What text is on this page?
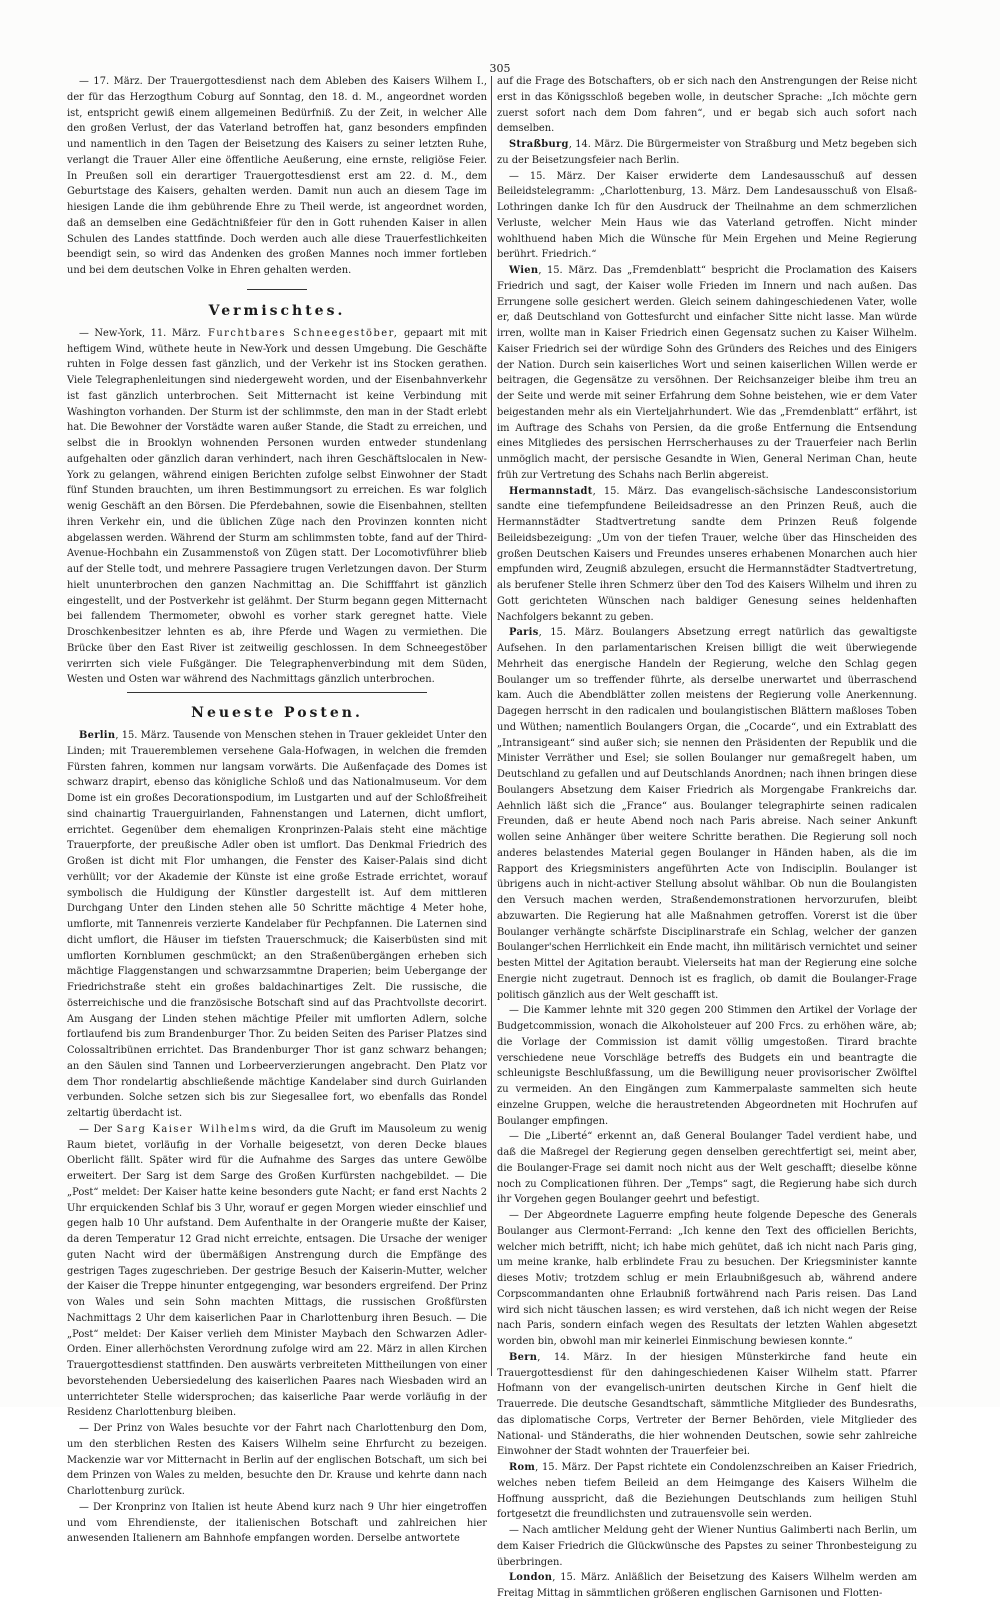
305

— 17. März. Der Trauergottesdienst nach dem Ableben des Kaisers Wilhem I., der für das Herzogthum Coburg auf Sonntag, den 18. d. M., angeordnet worden ist, entspricht gewiß einem allgemeinen Bedürfniß. Zu der Zeit, in welcher Alle den großen Verlust, der das Vaterland betroffen hat, ganz besonders empfinden und namentlich in den Tagen der Beisetzung des Kaisers zu seiner letzten Ruhe, verlangt die Trauer Aller eine öffentliche Aeußerung, eine ernste, religiöse Feier. In Preußen soll ein derartiger Trauergottesdienst erst am 22. d. M., dem Geburtstage des Kaisers, gehalten werden. Damit nun auch an diesem Tage im hiesigen Lande die ihm gebührende Ehre zu Theil werde, ist angeordnet worden, daß an demselben eine Gedächtnißfeier für den in Gott ruhenden Kaiser in allen Schulen des Landes stattfinde. Doch werden auch alle diese Trauerfestlichkeiten beendigt sein, so wird das Andenken des großen Mannes noch immer fortleben und bei dem deutschen Volke in Ehren gehalten werden.

Vermischtes.

— New-York, 11. März. Furchtbares Schneegestöber, gepaart mit mit heftigem Wind, wüthete heute in New-York und dessen Umgebung. Die Geschäfte ruhten in Folge dessen fast gänzlich, und der Verkehr ist ins Stocken gerathen. Viele Telegraphenleitungen sind niedergeweht worden, und der Eisenbahnverkehr ist fast gänzlich unterbrochen. Seit Mitternacht ist keine Verbindung mit Washington vorhanden. Der Sturm ist der schlimmste, den man in der Stadt erlebt hat. Die Bewohner der Vorstädte waren außer Stande, die Stadt zu erreichen, und selbst die in Brooklyn wohnenden Personen wurden entweder stundenlang aufgehalten oder gänzlich daran verhindert, nach ihren Geschäftslocalen in New-York zu gelangen, während einigen Berichten zufolge selbst Einwohner der Stadt fünf Stunden brauchten, um ihren Bestimmungsort zu erreichen. Es war folglich wenig Geschäft an den Börsen. Die Pferdebahnen, sowie die Eisenbahnen, stellten ihren Verkehr ein, und die üblichen Züge nach den Provinzen konnten nicht abgelassen werden. Während der Sturm am schlimmsten tobte, fand auf der Third-Avenue-Hochbahn ein Zusammenstoß von Zügen statt. Der Locomotivführer blieb auf der Stelle todt, und mehrere Passagiere trugen Verletzungen davon. Der Sturm hielt ununterbrochen den ganzen Nachmittag an. Die Schifffahrt ist gänzlich eingestellt, und der Postverkehr ist gelähmt. Der Sturm begann gegen Mitternacht bei fallendem Thermometer, obwohl es vorher stark geregnet hatte. Viele Droschkenbesitzer lehnten es ab, ihre Pferde und Wagen zu vermiethen. Die Brücke über den East River ist zeitweilig geschlossen. In dem Schneegestöber verirrten sich viele Fußgänger. Die Telegraphenverbindung mit dem Süden, Westen und Osten war während des Nachmittags gänzlich unterbrochen.

Neueste Posten.

Berlin, 15. März. Tausende von Menschen stehen in Trauer gekleidet Unter den Linden; mit Traueremblemen versehene Gala-Hofwagen, in welchen die fremden Fürsten fahren, kommen nur langsam vorwärts. Die Außenfaçade des Domes ist schwarz drapirt, ebenso das königliche Schloß und das Nationalmuseum. Vor dem Dome ist ein großes Decorationspodium, im Lustgarten und auf der Schloßfreiheit sind chainartig Trauerguirlanden, Fahnenstangen und Laternen, dicht umflort, errichtet. Gegenüber dem ehemaligen Kronprinzen-Palais steht eine mächtige Trauerpforte, der preußische Adler oben ist umflort. Das Denkmal Friedrich des Großen ist dicht mit Flor umhangen, die Fenster des Kaiser-Palais sind dicht verhüllt; vor der Akademie der Künste ist eine große Estrade errichtet, worauf symbolisch die Huldigung der Künstler dargestellt ist. Auf dem mittleren Durchgang Unter den Linden stehen alle 50 Schritte mächtige 4 Meter hohe, umflorte, mit Tannenreis verzierte Kandelaber für Pechpfannen. Die Laternen sind dicht umflort, die Häuser im tiefsten Trauerschmuck; die Kaiserbüsten sind mit umflorten Kornblumen geschmückt; an den Straßenübergängen erheben sich mächtige Flaggenstangen und schwarzsammtne Draperien; beim Uebergange der Friedrichstraße steht ein großes baldachinartiges Zelt. Die russische, die österreichische und die französische Botschaft sind auf das Prachtvollste decorirt. Am Ausgang der Linden stehen mächtige Pfeiler mit umflorten Adlern, solche fortlaufend bis zum Brandenburger Thor. Zu beiden Seiten des Pariser Platzes sind Colossaltribünen errichtet. Das Brandenburger Thor ist ganz schwarz behangen; an den Säulen sind Tannen und Lorbeerverzierungen angebracht. Den Platz vor dem Thor rondelartig abschließende mächtige Kandelaber sind durch Guirlanden verbunden. Solche setzen sich bis zur Siegesallee fort, wo ebenfalls das Rondel zeltartig überdacht ist.

— Der Sarg Kaiser Wilhelms wird, da die Gruft im Mausoleum zu wenig Raum bietet, vorläufig in der Vorhalle beigesetzt, von deren Decke blaues Oberlicht fällt. Später wird für die Aufnahme des Sarges das untere Gewölbe erweitert. Der Sarg ist dem Sarge des Großen Kurfürsten nachgebildet. — Die „Post“ meldet: Der Kaiser hatte keine besonders gute Nacht; er fand erst Nachts 2 Uhr erquickenden Schlaf bis 3 Uhr, worauf er gegen Morgen wieder einschlief und gegen halb 10 Uhr aufstand. Dem Aufenthalte in der Orangerie mußte der Kaiser, da deren Temperatur 12 Grad nicht erreichte, entsagen. Die Ursache der weniger guten Nacht wird der übermäßigen Anstrengung durch die Empfänge des gestrigen Tages zugeschrieben. Der gestrige Besuch der Kaiserin-Mutter, welcher der Kaiser die Treppe hinunter entgegenging, war besonders ergreifend. Der Prinz von Wales und sein Sohn machten Mittags, die russischen Großfürsten Nachmittags 2 Uhr dem kaiserlichen Paar in Charlottenburg ihren Besuch. — Die „Post“ meldet: Der Kaiser verlieh dem Minister Maybach den Schwarzen Adler-Orden. Einer allerhöchsten Verordnung zufolge wird am 22. März in allen Kirchen Trauergottesdienst stattfinden. Den auswärts verbreiteten Mittheilungen von einer bevorstehenden Uebersiedelung des kaiserlichen Paares nach Wiesbaden wird an unterrichteter Stelle widersprochen; das kaiserliche Paar werde vorläufig in der Residenz Charlottenburg bleiben.

— Der Prinz von Wales besuchte vor der Fahrt nach Charlottenburg den Dom, um den sterblichen Resten des Kaisers Wilhelm seine Ehrfurcht zu bezeigen. Mackenzie war vor Mitternacht in Berlin auf der englischen Botschaft, um sich bei dem Prinzen von Wales zu melden, besuchte den Dr. Krause und kehrte dann nach Charlottenburg zurück.

— Der Kronprinz von Italien ist heute Abend kurz nach 9 Uhr hier eingetroffen und vom Ehrendienste, der italienischen Botschaft und zahlreichen hier anwesenden Italienern am Bahnhofe empfangen worden. Derselbe antwortete

auf die Frage des Botschafters, ob er sich nach den Anstrengungen der Reise nicht erst in das Königsschloß begeben wolle, in deutscher Sprache: „Ich möchte gern zuerst sofort nach dem Dom fahren“, und er begab sich auch sofort nach demselben.

Straßburg, 14. März. Die Bürgermeister von Straßburg und Metz begeben sich zu der Beisetzungsfeier nach Berlin.

— 15. März. Der Kaiser erwiderte dem Landesausschuß auf dessen Beileidstelegramm: „Charlottenburg, 13. März. Dem Landesausschuß von Elsaß-Lothringen danke Ich für den Ausdruck der Theilnahme an dem schmerzlichen Verluste, welcher Mein Haus wie das Vaterland getroffen. Nicht minder wohlthuend haben Mich die Wünsche für Mein Ergehen und Meine Regierung berührt. Friedrich.“

Wien, 15. März. Das „Fremdenblatt“ bespricht die Proclamation des Kaisers Friedrich und sagt, der Kaiser wolle Frieden im Innern und nach außen. Das Errungene solle gesichert werden. Gleich seinem dahingeschiedenen Vater, wolle er, daß Deutschland von Gottesfurcht und einfacher Sitte nicht lasse. Man würde irren, wollte man in Kaiser Friedrich einen Gegensatz suchen zu Kaiser Wilhelm. Kaiser Friedrich sei der würdige Sohn des Gründers des Reiches und des Einigers der Nation. Durch sein kaiserliches Wort und seinen kaiserlichen Willen werde er beitragen, die Gegensätze zu versöhnen. Der Reichsanzeiger bleibe ihm treu an der Seite und werde mit seiner Erfahrung dem Sohne beistehen, wie er dem Vater beigestanden mehr als ein Vierteljahrhundert. Wie das „Fremdenblatt“ erfährt, ist im Auftrage des Schahs von Persien, da die große Entfernung die Entsendung eines Mitgliedes des persischen Herrscherhauses zu der Trauerfeier nach Berlin unmöglich macht, der persische Gesandte in Wien, General Neriman Chan, heute früh zur Vertretung des Schahs nach Berlin abgereist.

Hermannstadt, 15. März. Das evangelisch-sächsische Landesconsistorium sandte eine tiefempfundene Beileidsadresse an den Prinzen Reuß, auch die Hermannstädter Stadtvertretung sandte dem Prinzen Reuß folgende Beileidsbezeigung: „Um von der tiefen Trauer, welche über das Hinscheiden des großen Deutschen Kaisers und Freundes unseres erhabenen Monarchen auch hier empfunden wird, Zeugniß abzulegen, ersucht die Hermannstädter Stadtvertretung, als berufener Stelle ihren Schmerz über den Tod des Kaisers Wilhelm und ihren zu Gott gerichteten Wünschen nach baldiger Genesung seines heldenhaften Nachfolgers bekannt zu geben.

Paris, 15. März. Boulangers Absetzung erregt natürlich das gewaltigste Aufsehen. In den parlamentarischen Kreisen billigt die weit überwiegende Mehrheit das energische Handeln der Regierung, welche den Schlag gegen Boulanger um so treffender führte, als derselbe unerwartet und überraschend kam. Auch die Abendblätter zollen meistens der Regierung volle Anerkennung. Dagegen herrscht in den radicalen und boulangistischen Blättern maßloses Toben und Wüthen; namentlich Boulangers Organ, die „Cocarde“, und ein Extrablatt des „Intransigeant“ sind außer sich; sie nennen den Präsidenten der Republik und die Minister Verräther und Esel; sie sollen Boulanger nur gemaßregelt haben, um Deutschland zu gefallen und auf Deutschlands Anordnen; nach ihnen bringen diese Boulangers Absetzung dem Kaiser Friedrich als Morgengabe Frankreichs dar. Aehnlich läßt sich die „France“ aus. Boulanger telegraphirte seinen radicalen Freunden, daß er heute Abend noch nach Paris abreise. Nach seiner Ankunft wollen seine Anhänger über weitere Schritte berathen. Die Regierung soll noch anderes belastendes Material gegen Boulanger in Händen haben, als die im Rapport des Kriegsministers angeführten Acte von Indisciplin. Boulanger ist übrigens auch in nicht-activer Stellung absolut wählbar. Ob nun die Boulangisten den Versuch machen werden, Straßendemonstrationen hervorzurufen, bleibt abzuwarten. Die Regierung hat alle Maßnahmen getroffen. Vorerst ist die über Boulanger verhängte schärfste Disciplinarstrafe ein Schlag, welcher der ganzen Boulanger'schen Herrlichkeit ein Ende macht, ihn militärisch vernichtet und seiner besten Mittel der Agitation beraubt. Vielerseits hat man der Regierung eine solche Energie nicht zugetraut. Dennoch ist es fraglich, ob damit die Boulanger-Frage politisch gänzlich aus der Welt geschafft ist.

— Die Kammer lehnte mit 320 gegen 200 Stimmen den Artikel der Vorlage der Budgetcommission, wonach die Alkoholsteuer auf 200 Frcs. zu erhöhen wäre, ab; die Vorlage der Commission ist damit völlig umgestoßen. Tirard brachte verschiedene neue Vorschläge betreffs des Budgets ein und beantragte die schleunigste Beschlußfassung, um die Bewilligung neuer provisorischer Zwölftel zu vermeiden. An den Eingängen zum Kammerpalaste sammelten sich heute einzelne Gruppen, welche die heraustretenden Abgeordneten mit Hochrufen auf Boulanger empfingen.

— Die „Liberté“ erkennt an, daß General Boulanger Tadel verdient habe, und daß die Maßregel der Regierung gegen denselben gerechtfertigt sei, meint aber, die Boulanger-Frage sei damit noch nicht aus der Welt geschafft; dieselbe könne noch zu Complicationen führen. Der „Temps“ sagt, die Regierung habe sich durch ihr Vorgehen gegen Boulanger geehrt und befestigt.

— Der Abgeordnete Laguerre empfing heute folgende Depesche des Generals Boulanger aus Clermont-Ferrand: „Ich kenne den Text des officiellen Berichts, welcher mich betrifft, nicht; ich habe mich gehütet, daß ich nicht nach Paris ging, um meine kranke, halb erblindete Frau zu besuchen. Der Kriegsminister kannte dieses Motiv; trotzdem schlug er mein Erlaubnißgesuch ab, während andere Corpscommandanten ohne Erlaubniß fortwährend nach Paris reisen. Das Land wird sich nicht täuschen lassen; es wird verstehen, daß ich nicht wegen der Reise nach Paris, sondern einfach wegen des Resultats der letzten Wahlen abgesetzt worden bin, obwohl man mir keinerlei Einmischung bewiesen konnte.“

Bern, 14. März. In der hiesigen Münsterkirche fand heute ein Trauergottesdienst für den dahingeschiedenen Kaiser Wilhelm statt. Pfarrer Hofmann von der evangelisch-unirten deutschen Kirche in Genf hielt die Trauerrede. Die deutsche Gesandtschaft, sämmtliche Mitglieder des Bundesraths, das diplomatische Corps, Vertreter der Berner Behörden, viele Mitglieder des National- und Ständeraths, die hier wohnenden Deutschen, sowie sehr zahlreiche Einwohner der Stadt wohnten der Trauerfeier bei.

Rom, 15. März. Der Papst richtete ein Condolenzschreiben an Kaiser Friedrich, welches neben tiefem Beileid an dem Heimgange des Kaisers Wilhelm die Hoffnung ausspricht, daß die Beziehungen Deutschlands zum heiligen Stuhl fortgesetzt die freundlichsten und zutrauensvolle sein werden.

— Nach amtlicher Meldung geht der Wiener Nuntius Galimberti nach Berlin, um dem Kaiser Friedrich die Glückwünsche des Papstes zu seiner Thronbesteigung zu überbringen.

London, 15. März. Anläßlich der Beisetzung des Kaisers Wilhelm werden am Freitag Mittag in sämmtlichen größeren englischen Garnisonen und Flotten-
